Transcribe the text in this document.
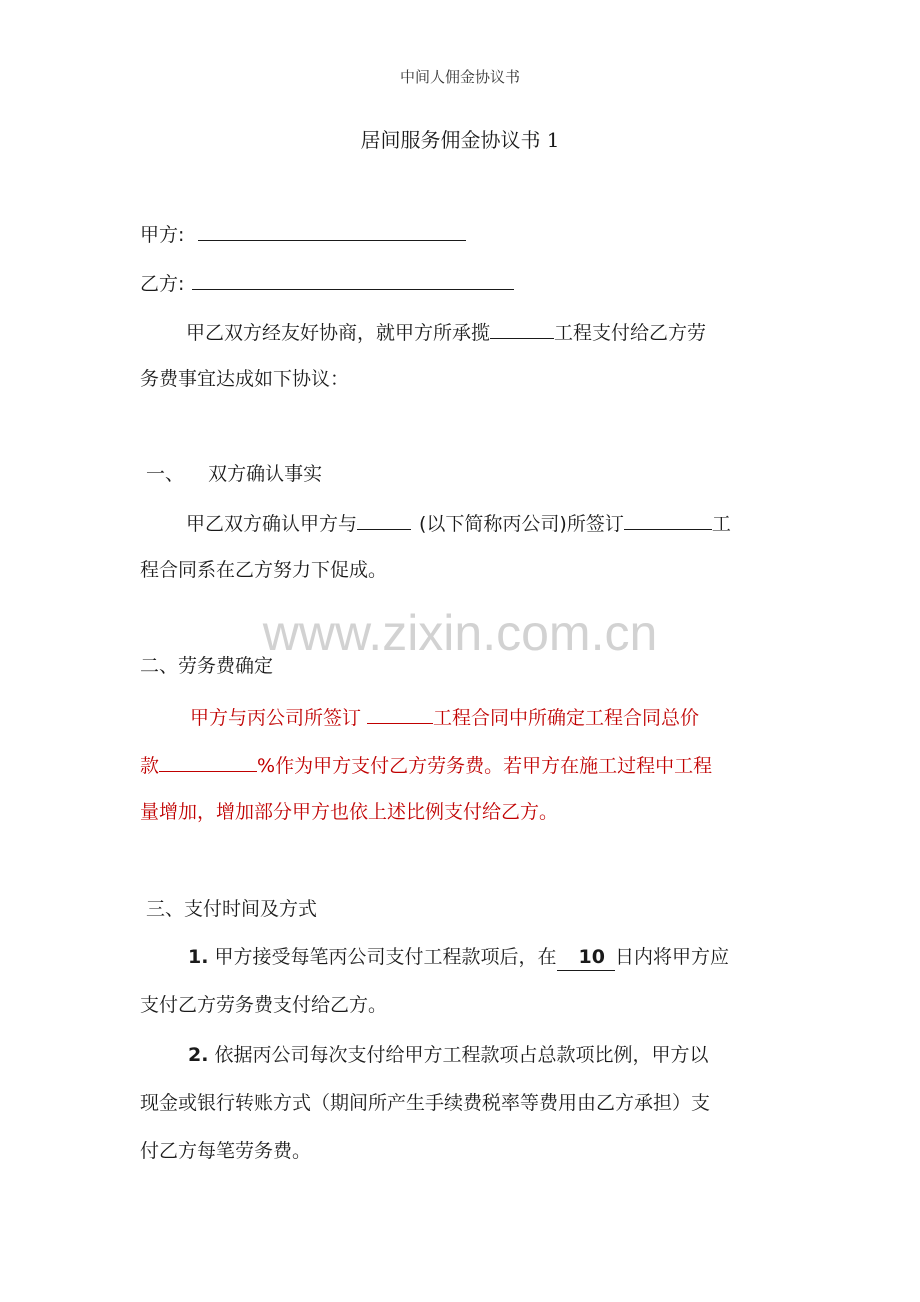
中间人佣金协议书
居间服务佣金协议书 1
甲方:
乙方:
甲乙双方经友好协商，就甲方所承揽	工程支付给乙方劳
务费事宜达成如下协议：
一、 双方确认事实
甲乙双方确认甲方与	(以下简称丙公司)所签订	工
程合同系在乙方努力下促成。
www.zixin.com.cn
二、劳务费确定
甲方与丙公司所签订	工程合同中所确定工程合同总价
款	%作为甲方支付乙方劳务费。若甲方在施工过程中工程
量增加，增加部分甲方也依上述比例支付给乙方。
三、支付时间及方式
1. 甲方接受每笔丙公司支付工程款项后，在 10 日内将甲方应
支付乙方劳务费支付给乙方。
2. 依据丙公司每次支付给甲方工程款项占总款项比例，甲方以
现金或银行转账方式（期间所产生手续费税率等费用由乙方承担）支
付乙方每笔劳务费。
